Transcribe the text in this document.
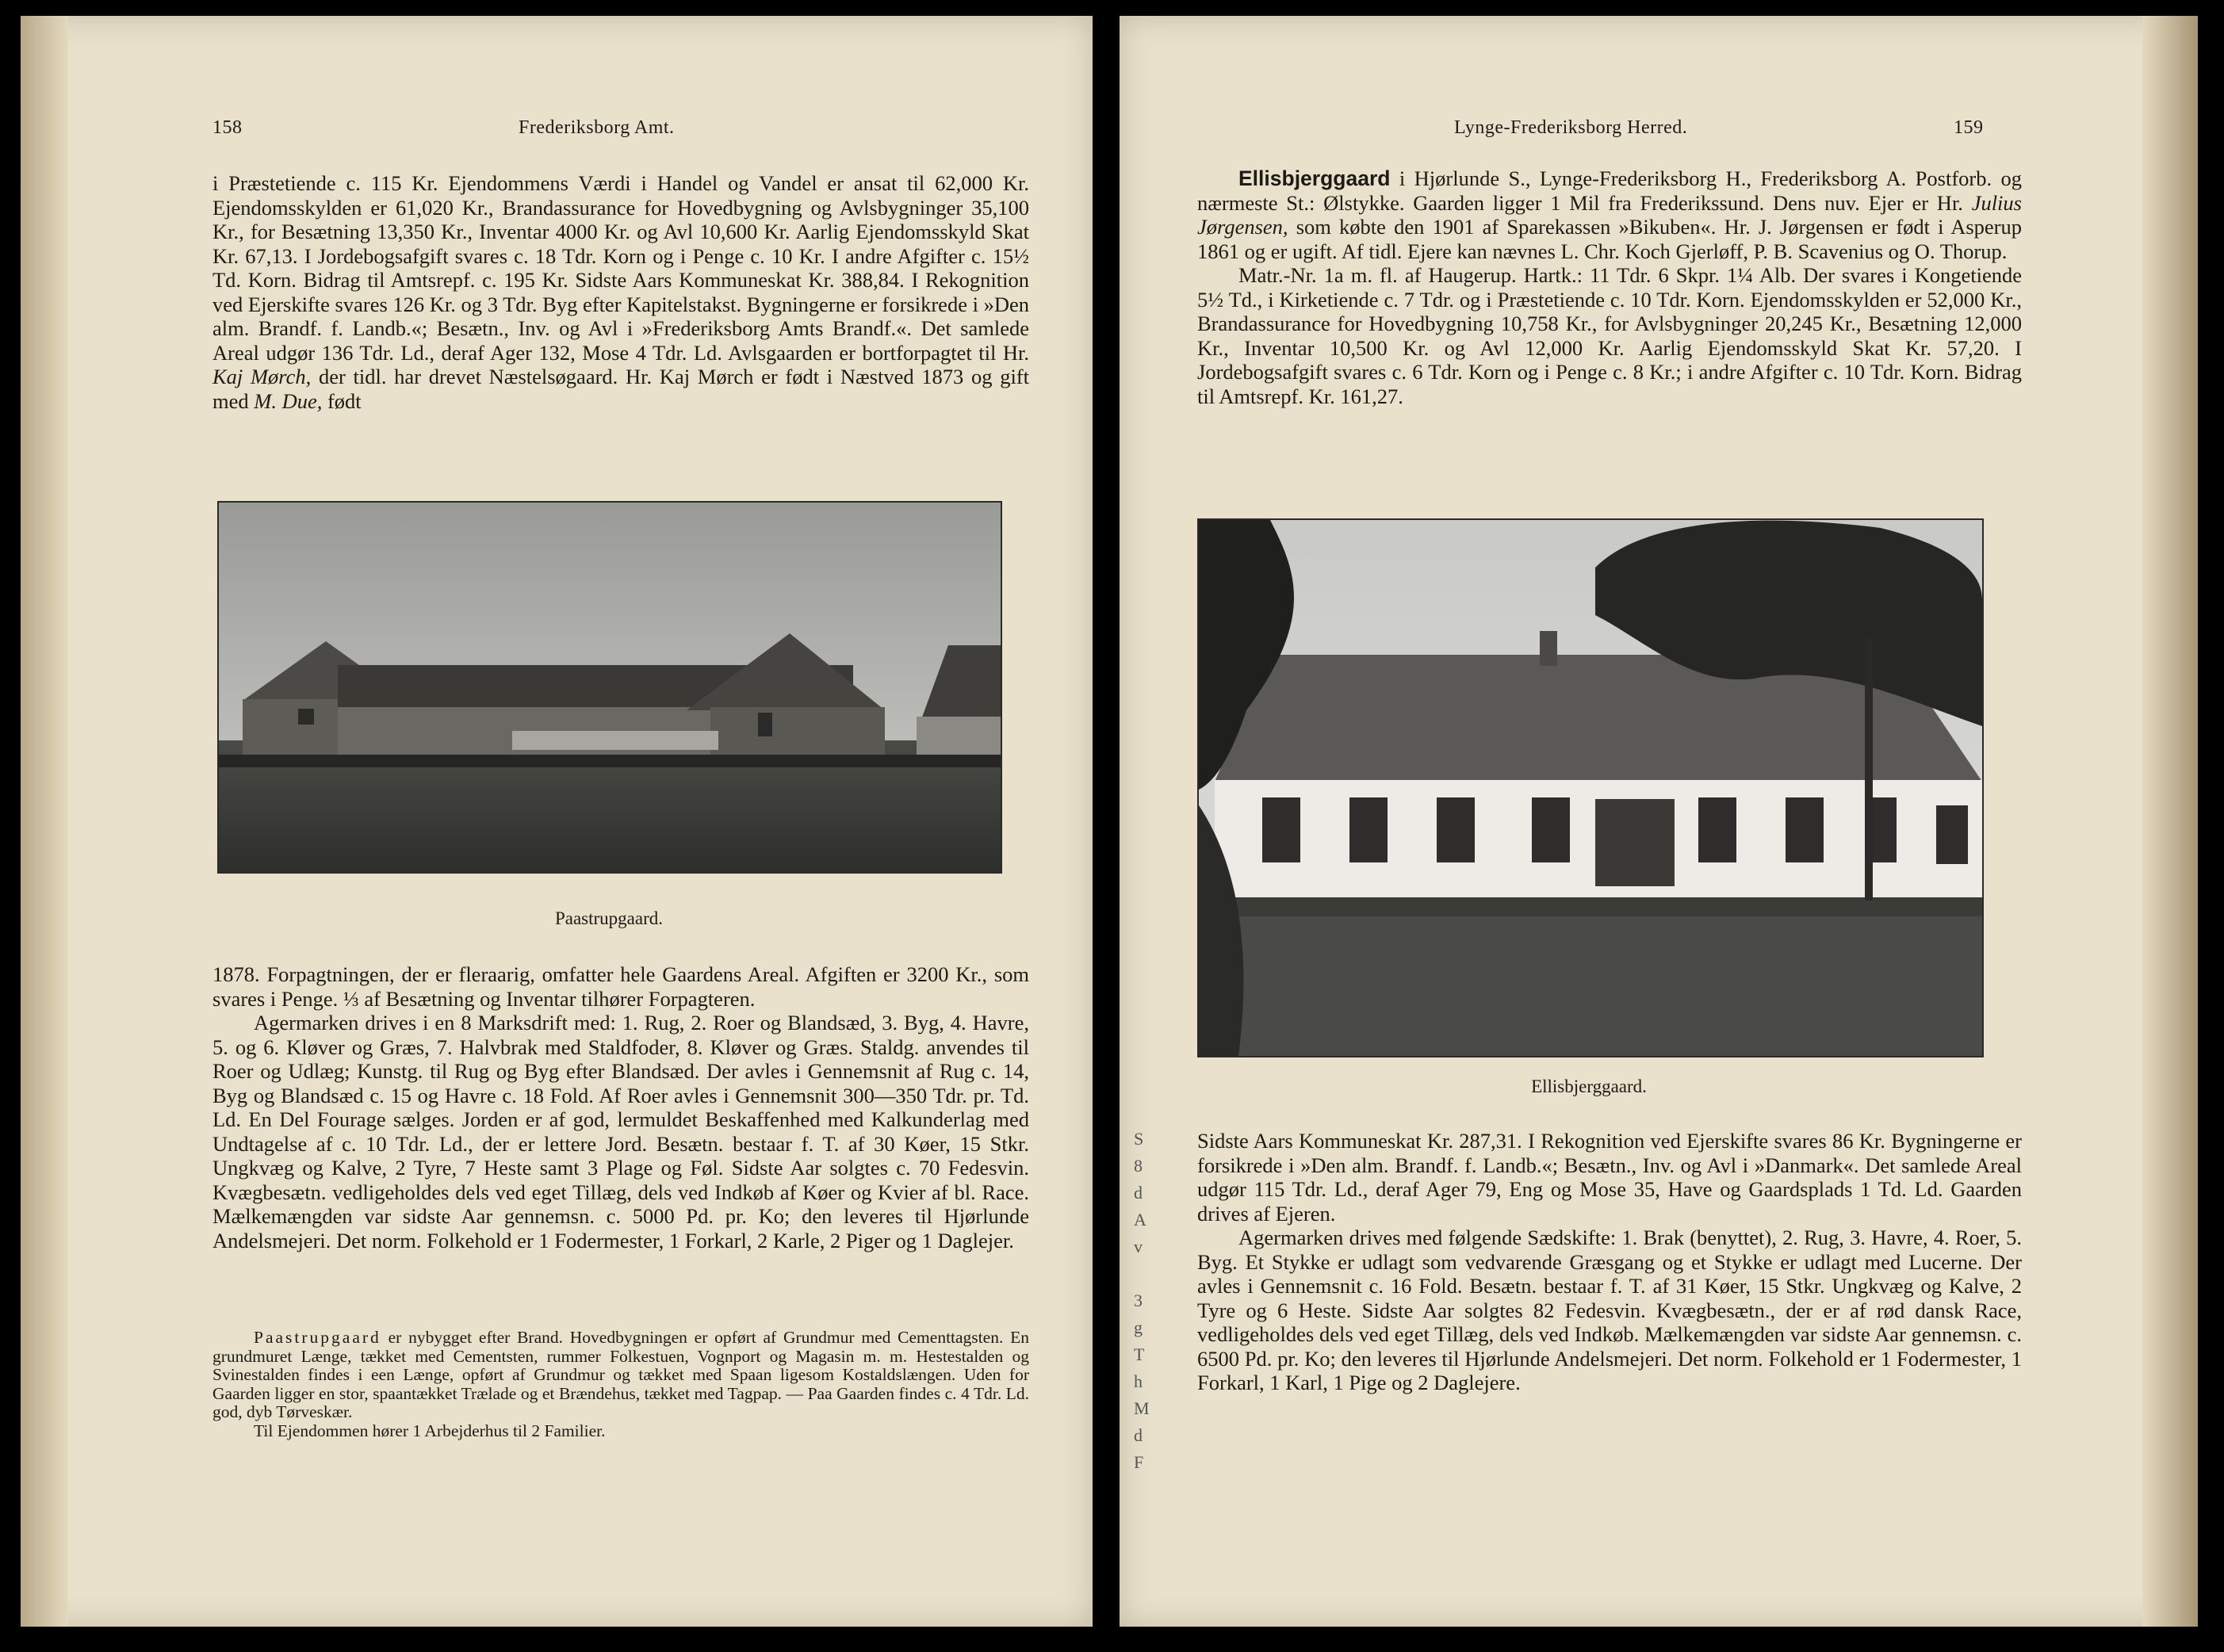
158	Frederiksborg Amt.

i Præstetiende c. 115 Kr. Ejendommens Værdi i Handel og Vandel er ansat til 62,000 Kr. Ejendomsskylden er 61,020 Kr., Brandassurance for Hovedbygning og Avlsbygninger 35,100 Kr., for Besætning 13,350 Kr., Inventar 4000 Kr. og Avl 10,600 Kr. Aarlig Ejendomsskyld Skat Kr. 67,13. I Jordebogsafgift svares c. 18 Tdr. Korn og i Penge c. 10 Kr. I andre Afgifter c. 15½ Td. Korn. Bidrag til Amtsrepf. c. 195 Kr. Sidste Aars Kommuneskat Kr. 388,84. I Rekognition ved Ejerskifte svares 126 Kr. og 3 Tdr. Byg efter Kapitelstakst. Bygningerne er forsikrede i »Den alm. Brandf. f. Landb.«; Besætn., Inv. og Avl i »Frederiksborg Amts Brandf.«. Det samlede Areal udgør 136 Tdr. Ld., deraf Ager 132, Mose 4 Tdr. Ld. Avlsgaarden er bortforpagtet til Hr. Kaj Mørch, der tidl. har drevet Næstelsøgaard. Hr. Kaj Mørch er født i Næstved 1873 og gift med M. Due, født

Paastrupgaard.

1878. Forpagtningen, der er fleraarig, omfatter hele Gaardens Areal. Afgiften er 3200 Kr., som svares i Penge. ⅓ af Besætning og Inventar tilhører Forpagteren.

Agermarken drives i en 8 Marksdrift med: 1. Rug, 2. Roer og Blandsæd, 3. Byg, 4. Havre, 5. og 6. Kløver og Græs, 7. Halvbrak med Staldfoder, 8. Kløver og Græs. Staldg. anvendes til Roer og Udlæg; Kunstg. til Rug og Byg efter Blandsæd. Der avles i Gennemsnit af Rug c. 14, Byg og Blandsæd c. 15 og Havre c. 18 Fold. Af Roer avles i Gennemsnit 300—350 Tdr. pr. Td. Ld. En Del Fourage sælges. Jorden er af god, lermuldet Beskaffenhed med Kalkunderlag med Undtagelse af c. 10 Tdr. Ld., der er lettere Jord. Besætn. bestaar f. T. af 30 Køer, 15 Stkr. Ungkvæg og Kalve, 2 Tyre, 7 Heste samt 3 Plage og Føl. Sidste Aar solgtes c. 70 Fedesvin. Kvægbesætn. vedligeholdes dels ved eget Tillæg, dels ved Indkøb af Køer og Kvier af bl. Race. Mælkemængden var sidste Aar gennemsn. c. 5000 Pd. pr. Ko; den leveres til Hjørlunde Andelsmejeri. Det norm. Folkehold er 1 Fodermester, 1 Forkarl, 2 Karle, 2 Piger og 1 Daglejer.

Paastrupgaard er nybygget efter Brand. Hovedbygningen er opført af Grundmur med Cementtagsten. En grundmuret Længe, tækket med Cementsten, rummer Folkestuen, Vognport og Magasin m. m. Hestestalden og Svinestalden findes i een Længe, opført af Grundmur og tækket med Spaan ligesom Kostaldslængen. Uden for Gaarden ligger en stor, spaantækket Trælade og et Brændehus, tækket med Tagpap. — Paa Gaarden findes c. 4 Tdr. Ld. god, dyb Tørveskær.

Til Ejendommen hører 1 Arbejderhus til 2 Familier.

S
8
d
A
v

3
g
T
h
M
d
F
Lynge-Frederiksborg Herred.	159

Ellisbjerggaard i Hjørlunde S., Lynge-Frederiksborg H., Frederiksborg A. Postforb. og nærmeste St.: Ølstykke. Gaarden ligger 1 Mil fra Frederikssund. Dens nuv. Ejer er Hr. Julius Jørgensen, som købte den 1901 af Sparekassen »Bikuben«. Hr. J. Jørgensen er født i Asperup 1861 og er ugift. Af tidl. Ejere kan nævnes L. Chr. Koch Gjerløff, P. B. Scavenius og O. Thorup.

Matr.-Nr. 1a m. fl. af Haugerup. Hartk.: 11 Tdr. 6 Skpr. 1¼ Alb. Der svares i Kongetiende 5½ Td., i Kirketiende c. 7 Tdr. og i Præstetiende c. 10 Tdr. Korn. Ejendomsskylden er 52,000 Kr., Brandassurance for Hovedbygning 10,758 Kr., for Avlsbygninger 20,245 Kr., Besætning 12,000 Kr., Inventar 10,500 Kr. og Avl 12,000 Kr. Aarlig Ejendomsskyld Skat Kr. 57,20. I Jordebogsafgift svares c. 6 Tdr. Korn og i Penge c. 8 Kr.; i andre Afgifter c. 10 Tdr. Korn. Bidrag til Amtsrepf. Kr. 161,27.

Ellisbjerggaard.

Sidste Aars Kommuneskat Kr. 287,31. I Rekognition ved Ejerskifte svares 86 Kr. Bygningerne er forsikrede i »Den alm. Brandf. f. Landb.«; Besætn., Inv. og Avl i »Danmark«. Det samlede Areal udgør 115 Tdr. Ld., deraf Ager 79, Eng og Mose 35, Have og Gaardsplads 1 Td. Ld. Gaarden drives af Ejeren.

Agermarken drives med følgende Sædskifte: 1. Brak (benyttet), 2. Rug, 3. Havre, 4. Roer, 5. Byg. Et Stykke er udlagt som vedvarende Græsgang og et Stykke er udlagt med Lucerne. Der avles i Gennemsnit c. 16 Fold. Besætn. bestaar f. T. af 31 Køer, 15 Stkr. Ungkvæg og Kalve, 2 Tyre og 6 Heste. Sidste Aar solgtes 82 Fedesvin. Kvægbesætn., der er af rød dansk Race, vedligeholdes dels ved eget Tillæg, dels ved Indkøb. Mælkemængden var sidste Aar gennemsn. c. 6500 Pd. pr. Ko; den leveres til Hjørlunde Andelsmejeri. Det norm. Folkehold er 1 Fodermester, 1 Forkarl, 1 Karl, 1 Pige og 2 Daglejere.
